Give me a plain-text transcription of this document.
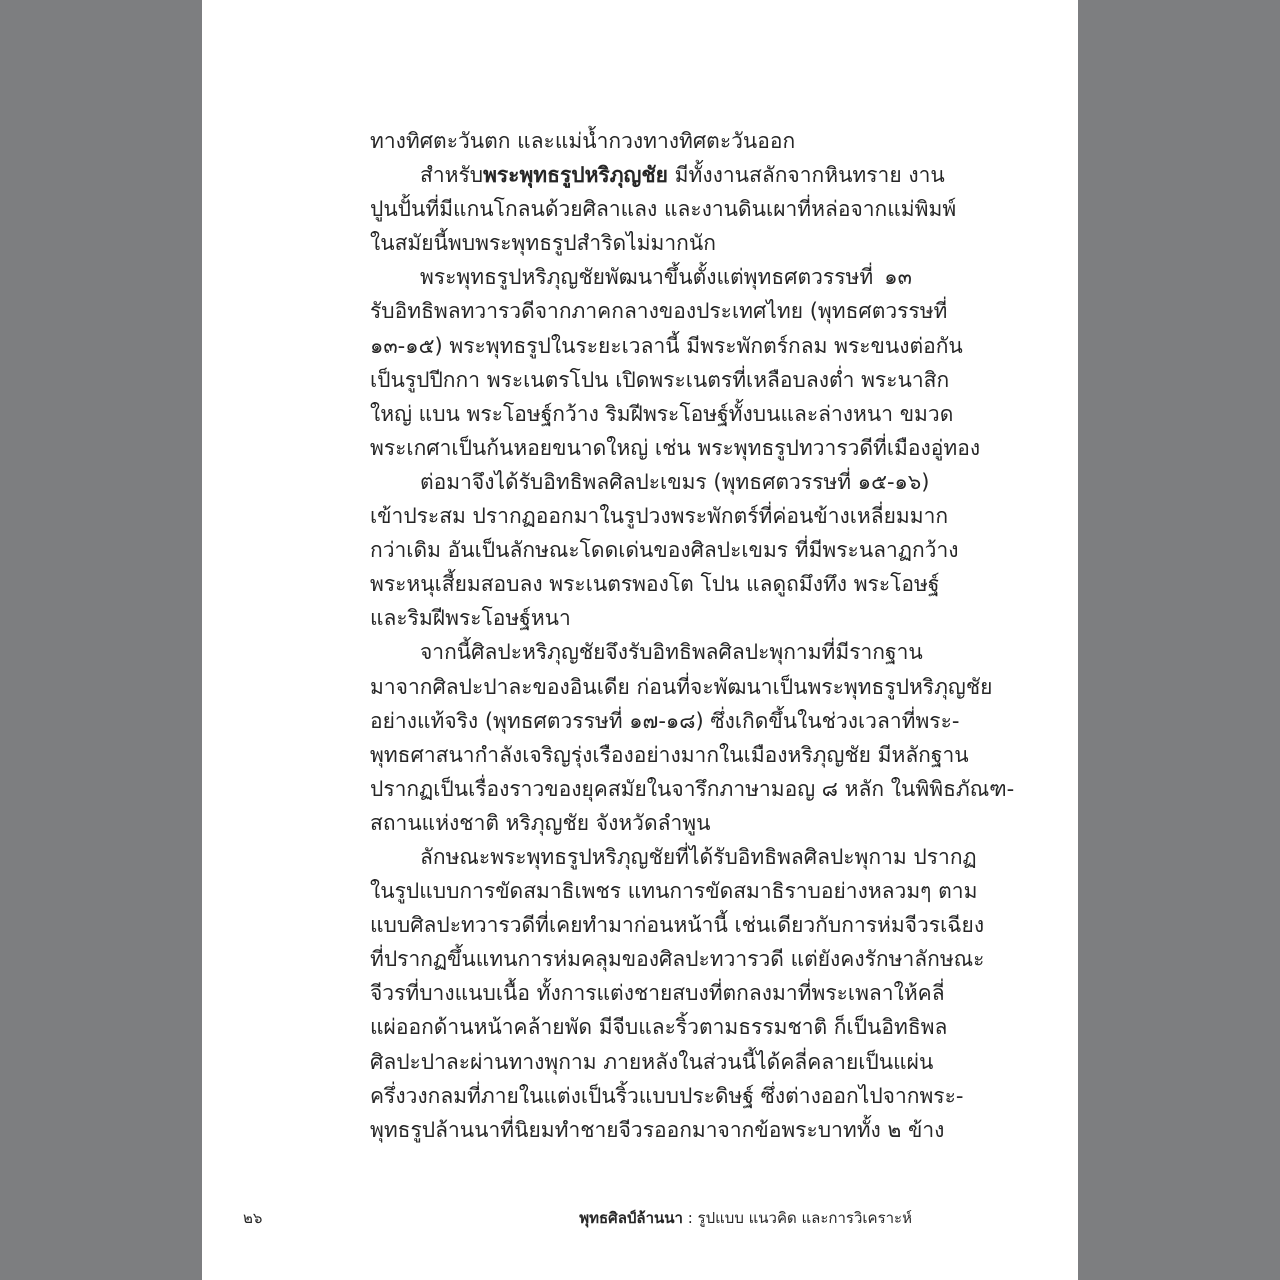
ทางทิศตะวันตก และแม่น้ำกวงทางทิศตะวันออก
สำหรับพระพุทธรูปหริภุญชัย มีทั้งงานสลักจากหินทราย งาน
ปูนปั้นที่มีแกนโกลนด้วยศิลาแลง และงานดินเผาที่หล่อจากแม่พิมพ์
ในสมัยนี้พบพระพุทธรูปสำริดไม่มากนัก
พระพุทธรูปหริภุญชัยพัฒนาขึ้นตั้งแต่พุทธศตวรรษที่ ๑๓
รับอิทธิพลทวารวดีจากภาคกลางของประเทศไทย (พุทธศตวรรษที่
๑๓-๑๕) พระพุทธรูปในระยะเวลานี้ มีพระพักตร์กลม พระขนงต่อกัน
เป็นรูปปีกกา พระเนตรโปน เปิดพระเนตรที่เหลือบลงต่ำ พระนาสิก
ใหญ่ แบน พระโอษฐ์กว้าง ริมฝีพระโอษฐ์ทั้งบนและล่างหนา ขมวด
พระเกศาเป็นก้นหอยขนาดใหญ่ เช่น พระพุทธรูปทวารวดีที่เมืองอู่ทอง
ต่อมาจึงได้รับอิทธิพลศิลปะเขมร (พุทธศตวรรษที่ ๑๕-๑๖)
เข้าประสม ปรากฏออกมาในรูปวงพระพักตร์ที่ค่อนข้างเหลี่ยมมาก
กว่าเดิม อันเป็นลักษณะโดดเด่นของศิลปะเขมร ที่มีพระนลาฏกว้าง
พระหนุเสี้ยมสอบลง พระเนตรพองโต โปน แลดูถมึงทึง พระโอษฐ์
และริมฝีพระโอษฐ์หนา
จากนี้ศิลปะหริภุญชัยจึงรับอิทธิพลศิลปะพุกามที่มีรากฐาน
มาจากศิลปะปาละของอินเดีย ก่อนที่จะพัฒนาเป็นพระพุทธรูปหริภุญชัย
อย่างแท้จริง (พุทธศตวรรษที่ ๑๗-๑๘) ซึ่งเกิดขึ้นในช่วงเวลาที่พระ-
พุทธศาสนากำลังเจริญรุ่งเรืองอย่างมากในเมืองหริภุญชัย มีหลักฐาน
ปรากฏเป็นเรื่องราวของยุคสมัยในจารึกภาษามอญ ๘ หลัก ในพิพิธภัณฑ-
สถานแห่งชาติ หริภุญชัย จังหวัดลำพูน
ลักษณะพระพุทธรูปหริภุญชัยที่ได้รับอิทธิพลศิลปะพุกาม ปรากฏ
ในรูปแบบการขัดสมาธิเพชร แทนการขัดสมาธิราบอย่างหลวมๆ ตาม
แบบศิลปะทวารวดีที่เคยทำมาก่อนหน้านี้ เช่นเดียวกับการห่มจีวรเฉียง
ที่ปรากฏขึ้นแทนการห่มคลุมของศิลปะทวารวดี แต่ยังคงรักษาลักษณะ
จีวรที่บางแนบเนื้อ ทั้งการแต่งชายสบงที่ตกลงมาที่พระเพลาให้คลี่
แผ่ออกด้านหน้าคล้ายพัด มีจีบและริ้วตามธรรมชาติ ก็เป็นอิทธิพล
ศิลปะปาละผ่านทางพุกาม ภายหลังในส่วนนี้ได้คลี่คลายเป็นแผ่น
ครึ่งวงกลมที่ภายในแต่งเป็นริ้วแบบประดิษฐ์ ซึ่งต่างออกไปจากพระ-
พุทธรูปล้านนาที่นิยมทำชายจีวรออกมาจากข้อพระบาททั้ง ๒ ข้าง
๒๖	พุทธศิลป์ล้านนา : รูปแบบ แนวคิด และการวิเคราะห์
